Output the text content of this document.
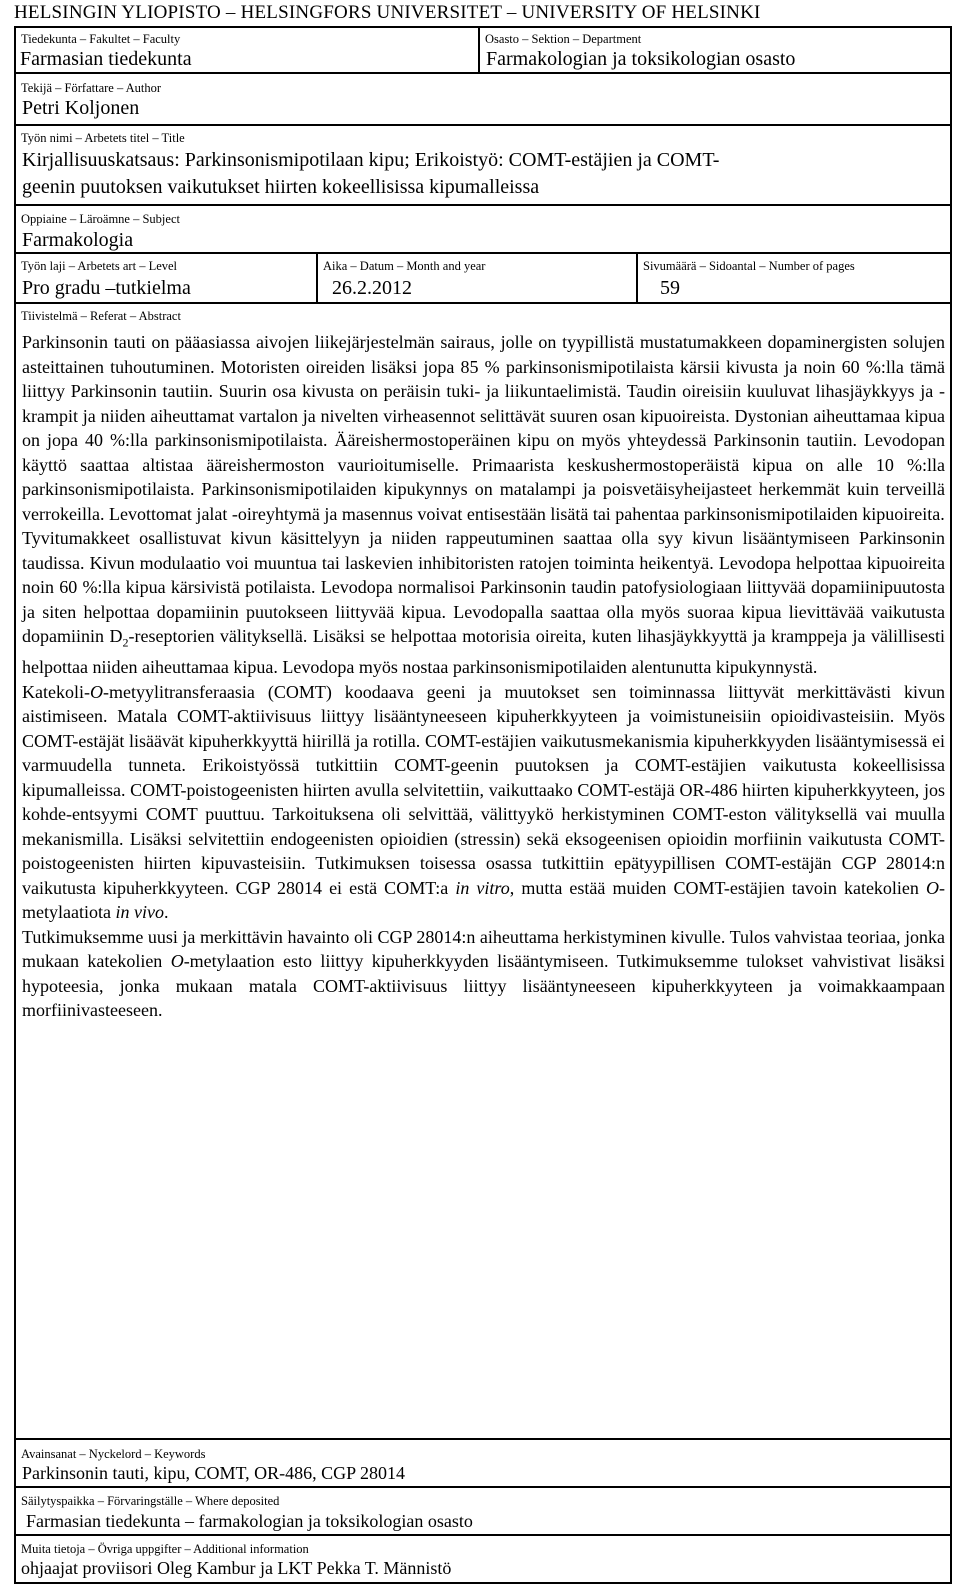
HELSINGIN YLIOPISTO – HELSINGFORS UNIVERSITET – UNIVERSITY OF HELSINKI
Tiedekunta – Fakultet – Faculty
Farmasian tiedekunta
Osasto – Sektion – Department
Farmakologian ja toksikologian osasto
Tekijä – Författare – Author
Petri Koljonen
Työn nimi – Arbetets titel – Title
Kirjallisuuskatsaus: Parkinsonismipotilaan kipu; Erikoistyö: COMT-estäjien ja COMT-
geenin puutoksen vaikutukset hiirten kokeellisissa kipumalleissa
Oppiaine – Läroämne – Subject
Farmakologia
Työn laji – Arbetets art – Level
Pro gradu –tutkielma
Aika – Datum – Month and year
26.2.2012
Sivumäärä – Sidoantal – Number of pages
59
Tiivistelmä – Referat – Abstract

Parkinsonin tauti on pääasiassa aivojen liikejärjestelmän sairaus, jolle on tyypillistä mustatumakkeen dopaminergisten solujen asteittainen tuhoutuminen. Motoristen oireiden lisäksi jopa 85 % parkinsonismipotilaista kärsii kivusta ja noin 60 %:lla tämä liittyy Parkinsonin tautiin. Suurin osa kivusta on peräisin tuki- ja liikuntaelimistä. Taudin oireisiin kuuluvat lihasjäykkyys ja -krampit ja niiden aiheuttamat vartalon ja nivelten virheasennot selittävät suuren osan kipuoireista. Dystonian aiheuttamaa kipua on jopa 40 %:lla parkinsonismipotilaista. Ääreishermostoperäinen kipu on myös yhteydessä Parkinsonin tautiin. Levodopan käyttö saattaa altistaa ääreishermoston vaurioitumiselle. Primaarista keskushermostoperäistä kipua on alle 10 %:lla parkinsonismipotilaista. Parkinsonismipotilaiden kipukynnys on matalampi ja poisvetäisyheijasteet herkemmät kuin terveillä verrokeilla. Levottomat jalat -oireyhtymä ja masennus voivat entisestään lisätä tai pahentaa parkinsonismipotilaiden kipuoireita.

Tyvitumakkeet osallistuvat kivun käsittelyyn ja niiden rappeutuminen saattaa olla syy kivun lisääntymiseen Parkinsonin taudissa. Kivun modulaatio voi muuntua tai laskevien inhibitoristen ratojen toiminta heikentyä. Levodopa helpottaa kipuoireita noin 60 %:lla kipua kärsivistä potilaista. Levodopa normalisoi Parkinsonin taudin patofysiologiaan liittyvää dopamiinipuutosta ja siten helpottaa dopamiinin puutokseen liittyvää kipua. Levodopalla saattaa olla myös suoraa kipua lievittävää vaikutusta dopamiinin $D_2$-reseptorien välityksellä. Lisäksi se helpottaa motorisia oireita, kuten lihasjäykkyyttä ja kramppeja ja välillisesti helpottaa niiden aiheuttamaa kipua. Levodopa myös nostaa parkinsonismipotilaiden alentunutta kipukynnystä.

Katekoli-O-metyylitransferaasia (COMT) koodaava geeni ja muutokset sen toiminnassa liittyvät merkittävästi kivun aistimiseen. Matala COMT-aktiivisuus liittyy lisääntyneeseen kipuherkkyyteen ja voimistuneisiin opioidivasteisiin. Myös COMT-estäjät lisäävät kipuherkkyyttä hiirillä ja rotilla. COMT-estäjien vaikutusmekanismia kipuherkkyyden lisääntymisessä ei varmuudella tunneta. Erikoistyössä tutkittiin COMT-geenin puutoksen ja COMT-estäjien vaikutusta kokeellisissa kipumalleissa. COMT-poistogeenisten hiirten avulla selvitettiin, vaikuttaako COMT-estäjä OR-486 hiirten kipuherkkyyteen, jos kohde-entsyymi COMT puuttuu. Tarkoituksena oli selvittää, välittyykö herkistyminen COMT-eston välityksellä vai muulla mekanismilla. Lisäksi selvitettiin endogeenisten opioidien (stressin) sekä eksogeenisen opioidin morfiinin vaikutusta COMT-poistogeenisten hiirten kipuvasteisiin. Tutkimuksen toisessa osassa tutkittiin epätyypillisen COMT-estäjän CGP 28014:n vaikutusta kipuherkkyyteen. CGP 28014 ei estä COMT:a in vitro, mutta estää muiden COMT-estäjien tavoin katekolien O-metylaatiota in vivo.

Tutkimuksemme uusi ja merkittävin havainto oli CGP 28014:n aiheuttama herkistyminen kivulle. Tulos vahvistaa teoriaa, jonka mukaan katekolien O-metylaation esto liittyy kipuherkkyyden lisääntymiseen. Tutkimuksemme tulokset vahvistivat lisäksi hypoteesia, jonka mukaan matala COMT-aktiivisuus liittyy lisääntyneeseen kipuherkkyyteen ja voimakkaampaan morfiinivasteeseen.

Avainsanat – Nyckelord – Keywords
Parkinsonin tauti, kipu, COMT, OR-486, CGP 28014
Säilytyspaikka – Förvaringställe – Where deposited
Farmasian tiedekunta – farmakologian ja toksikologian osasto
Muita tietoja – Övriga uppgifter – Additional information
ohjaajat proviisori Oleg Kambur ja LKT Pekka T. Männistö
